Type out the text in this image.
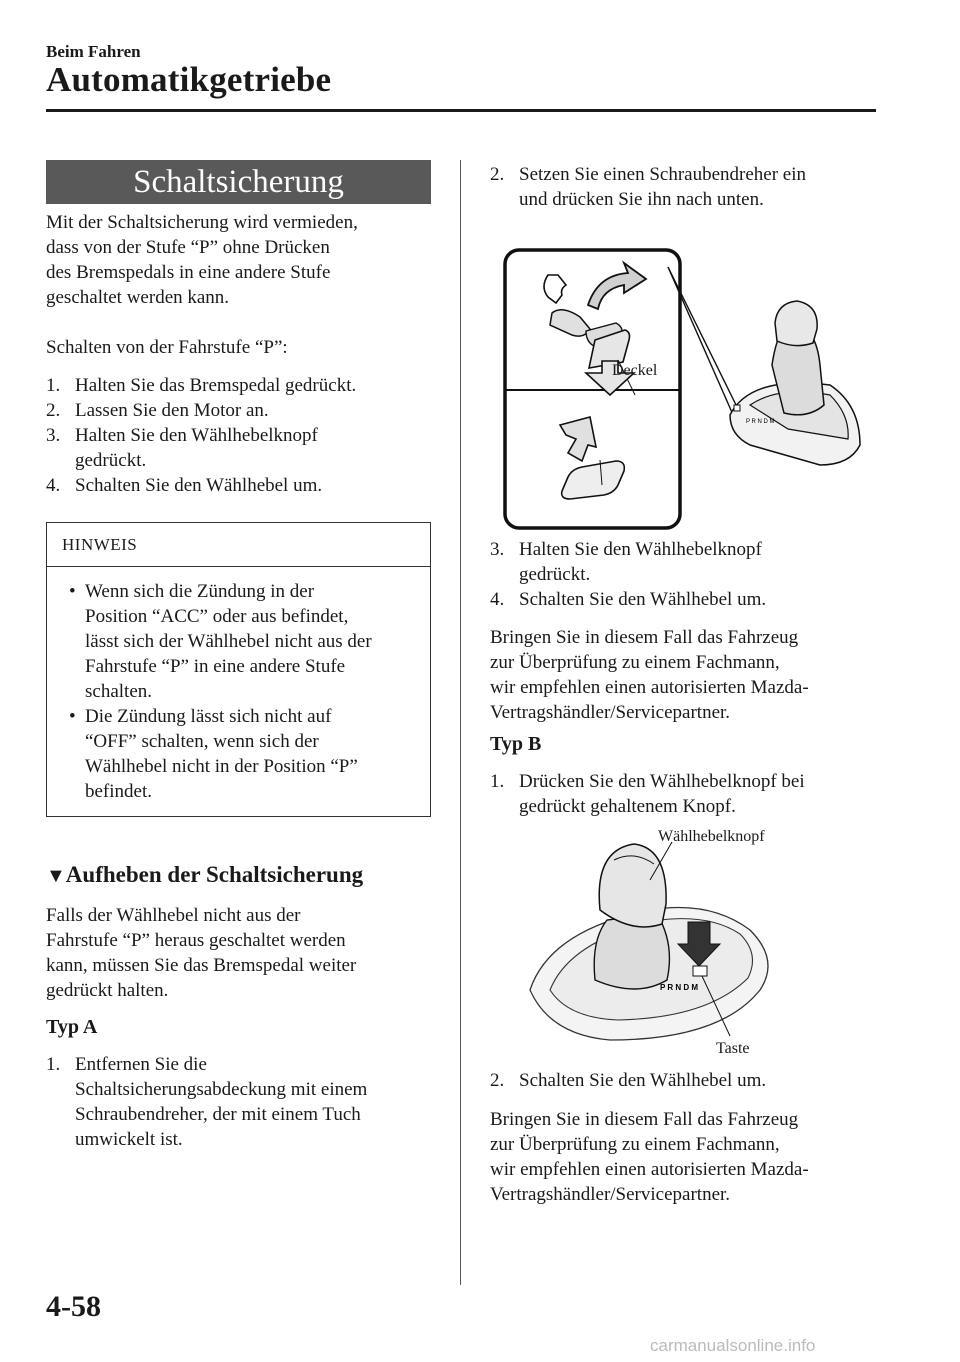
Beim Fahren
Automatikgetriebe
Schaltsicherung
Mit der Schaltsicherung wird vermieden,
dass von der Stufe “P” ohne Drücken
des Bremspedals in eine andere Stufe
geschaltet werden kann.
Schalten von der Fahrstufe “P”:
1. Halten Sie das Bremspedal gedrückt.
2. Lassen Sie den Motor an.
3. Halten Sie den Wählhebelknopf
gedrückt.
4. Schalten Sie den Wählhebel um.
HINWEIS
• Wenn sich die Zündung in der
Position “ACC” oder aus befindet,
lässt sich der Wählhebel nicht aus der
Fahrstufe “P” in eine andere Stufe
schalten.
• Die Zündung lässt sich nicht auf
“OFF” schalten, wenn sich der
Wählhebel nicht in der Position “P”
befindet.
▼Aufheben der Schaltsicherung
Falls der Wählhebel nicht aus der
Fahrstufe “P” heraus geschaltet werden
kann, müssen Sie das Bremspedal weiter
gedrückt halten.
Typ A
1. Entfernen Sie die
Schaltsicherungsabdeckung mit einem
Schraubendreher, der mit einem Tuch
umwickelt ist.
2. Setzen Sie einen Schraubendreher ein
und drücken Sie ihn nach unten.
P R N D M
Deckel
3. Halten Sie den Wählhebelknopf
gedrückt.
4. Schalten Sie den Wählhebel um.
Bringen Sie in diesem Fall das Fahrzeug
zur Überprüfung zu einem Fachmann,
wir empfehlen einen autorisierten Mazda-
Vertragshändler/Servicepartner.
Typ B
1. Drücken Sie den Wählhebelknopf bei
gedrückt gehaltenem Knopf.
P R N D M
Wählhebelknopf
Taste
2. Schalten Sie den Wählhebel um.
Bringen Sie in diesem Fall das Fahrzeug
zur Überprüfung zu einem Fachmann,
wir empfehlen einen autorisierten Mazda-
Vertragshändler/Servicepartner.
4-58
carmanualsonline.info
